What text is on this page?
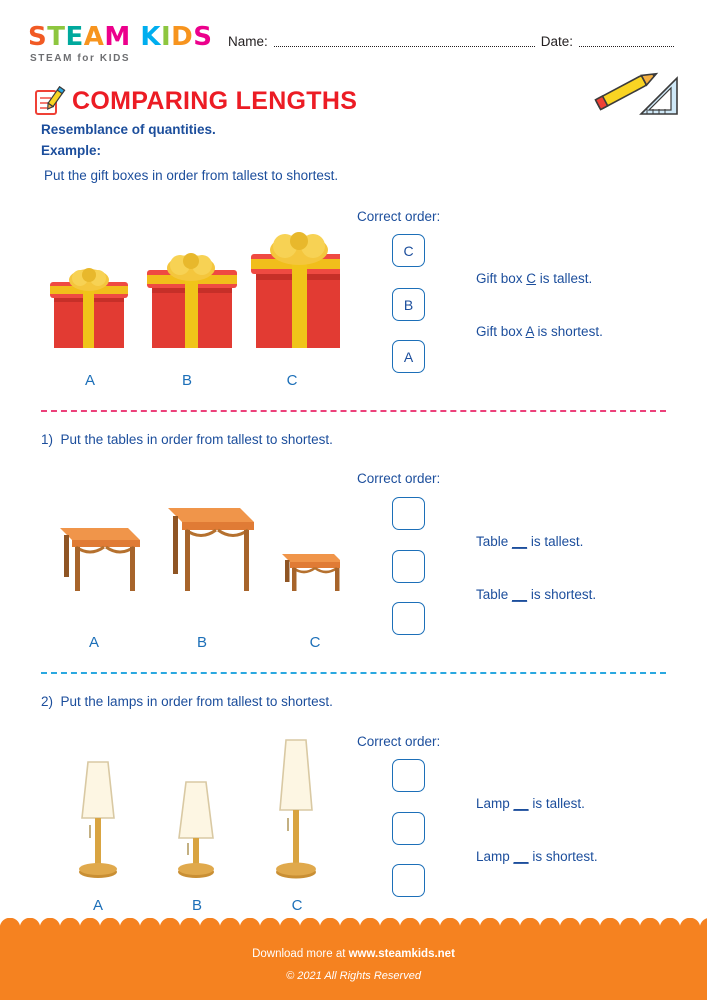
STEAM KIDS
STEAM for KIDS
Name:	Date:
COMPARING LENGTHS
Resemblance of quantities.
Example:
Put the gift boxes in order from tallest to shortest.
Correct order:
C
B
A
Gift box C is tallest.
Gift box A is shortest.
A	B	C
1) Put the tables in order from tallest to shortest.
Correct order:
Table __ is tallest.
Table __ is shortest.
A	B	C
2) Put the lamps in order from tallest to shortest.
Correct order:
Lamp __ is tallest.
Lamp __ is shortest.
A	B	C
Download more at www.steamkids.net
© 2021 All Rights Reserved
